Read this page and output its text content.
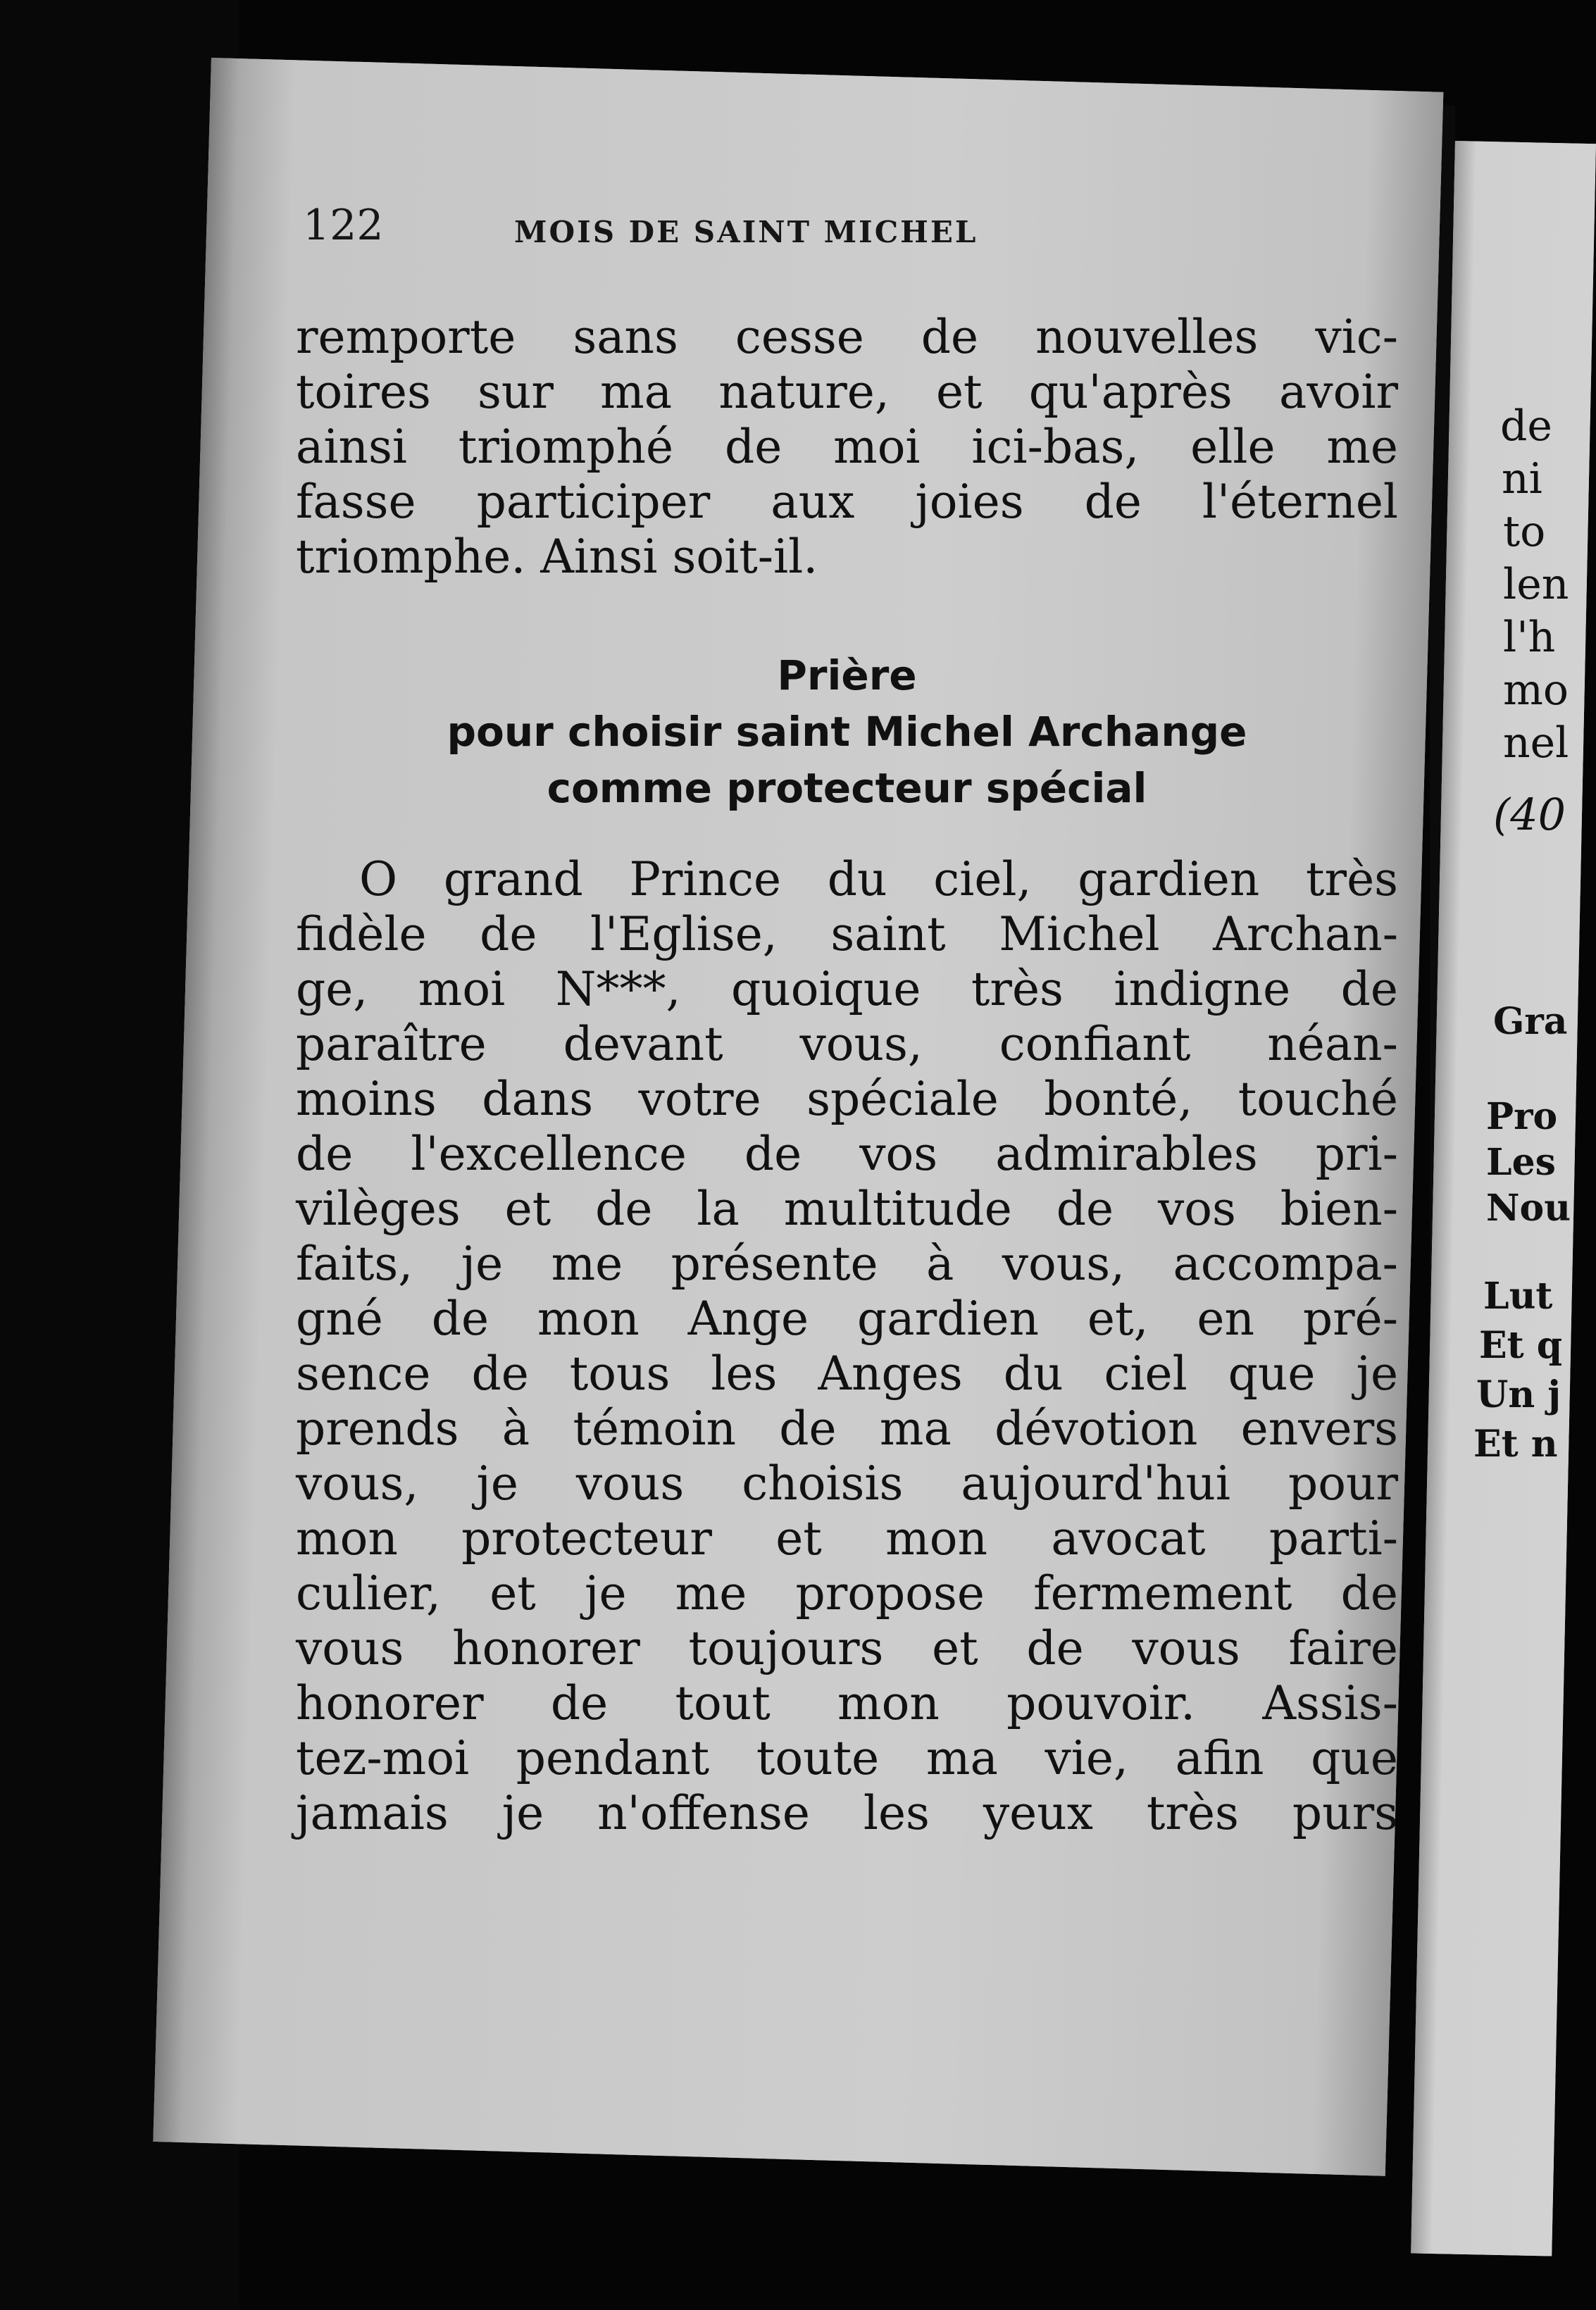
122	MOIS DE SAINT MICHEL
remporte sans cesse de nouvelles vic-
toires sur ma nature, et qu'après avoir
ainsi triomphé de moi ici-bas, elle me
fasse participer aux joies de l'éternel
triomphe. Ainsi soit-il.
Prière
pour choisir saint Michel Archange
comme protecteur spécial
O grand Prince du ciel, gardien très
fidèle de l'Eglise, saint Michel Archan-
ge, moi N***, quoique très indigne de
paraître devant vous, confiant néan-
moins dans votre spéciale bonté, touché
de l'excellence de vos admirables pri-
vilèges et de la multitude de vos bien-
faits, je me présente à vous, accompa-
gné de mon Ange gardien et, en pré-
sence de tous les Anges du ciel que je
prends à témoin de ma dévotion envers
vous, je vous choisis aujourd'hui pour
mon protecteur et mon avocat parti-
culier, et je me propose fermement de
vous honorer toujours et de vous faire
honorer de tout mon pouvoir. Assis-
tez-moi pendant toute ma vie, afin que
jamais je n'offense les yeux très purs
de
ni
to
len
l'h
mo
nel
(40
Gra
Pro
Les
Nou
Lut
Et q
Un j
Et n
